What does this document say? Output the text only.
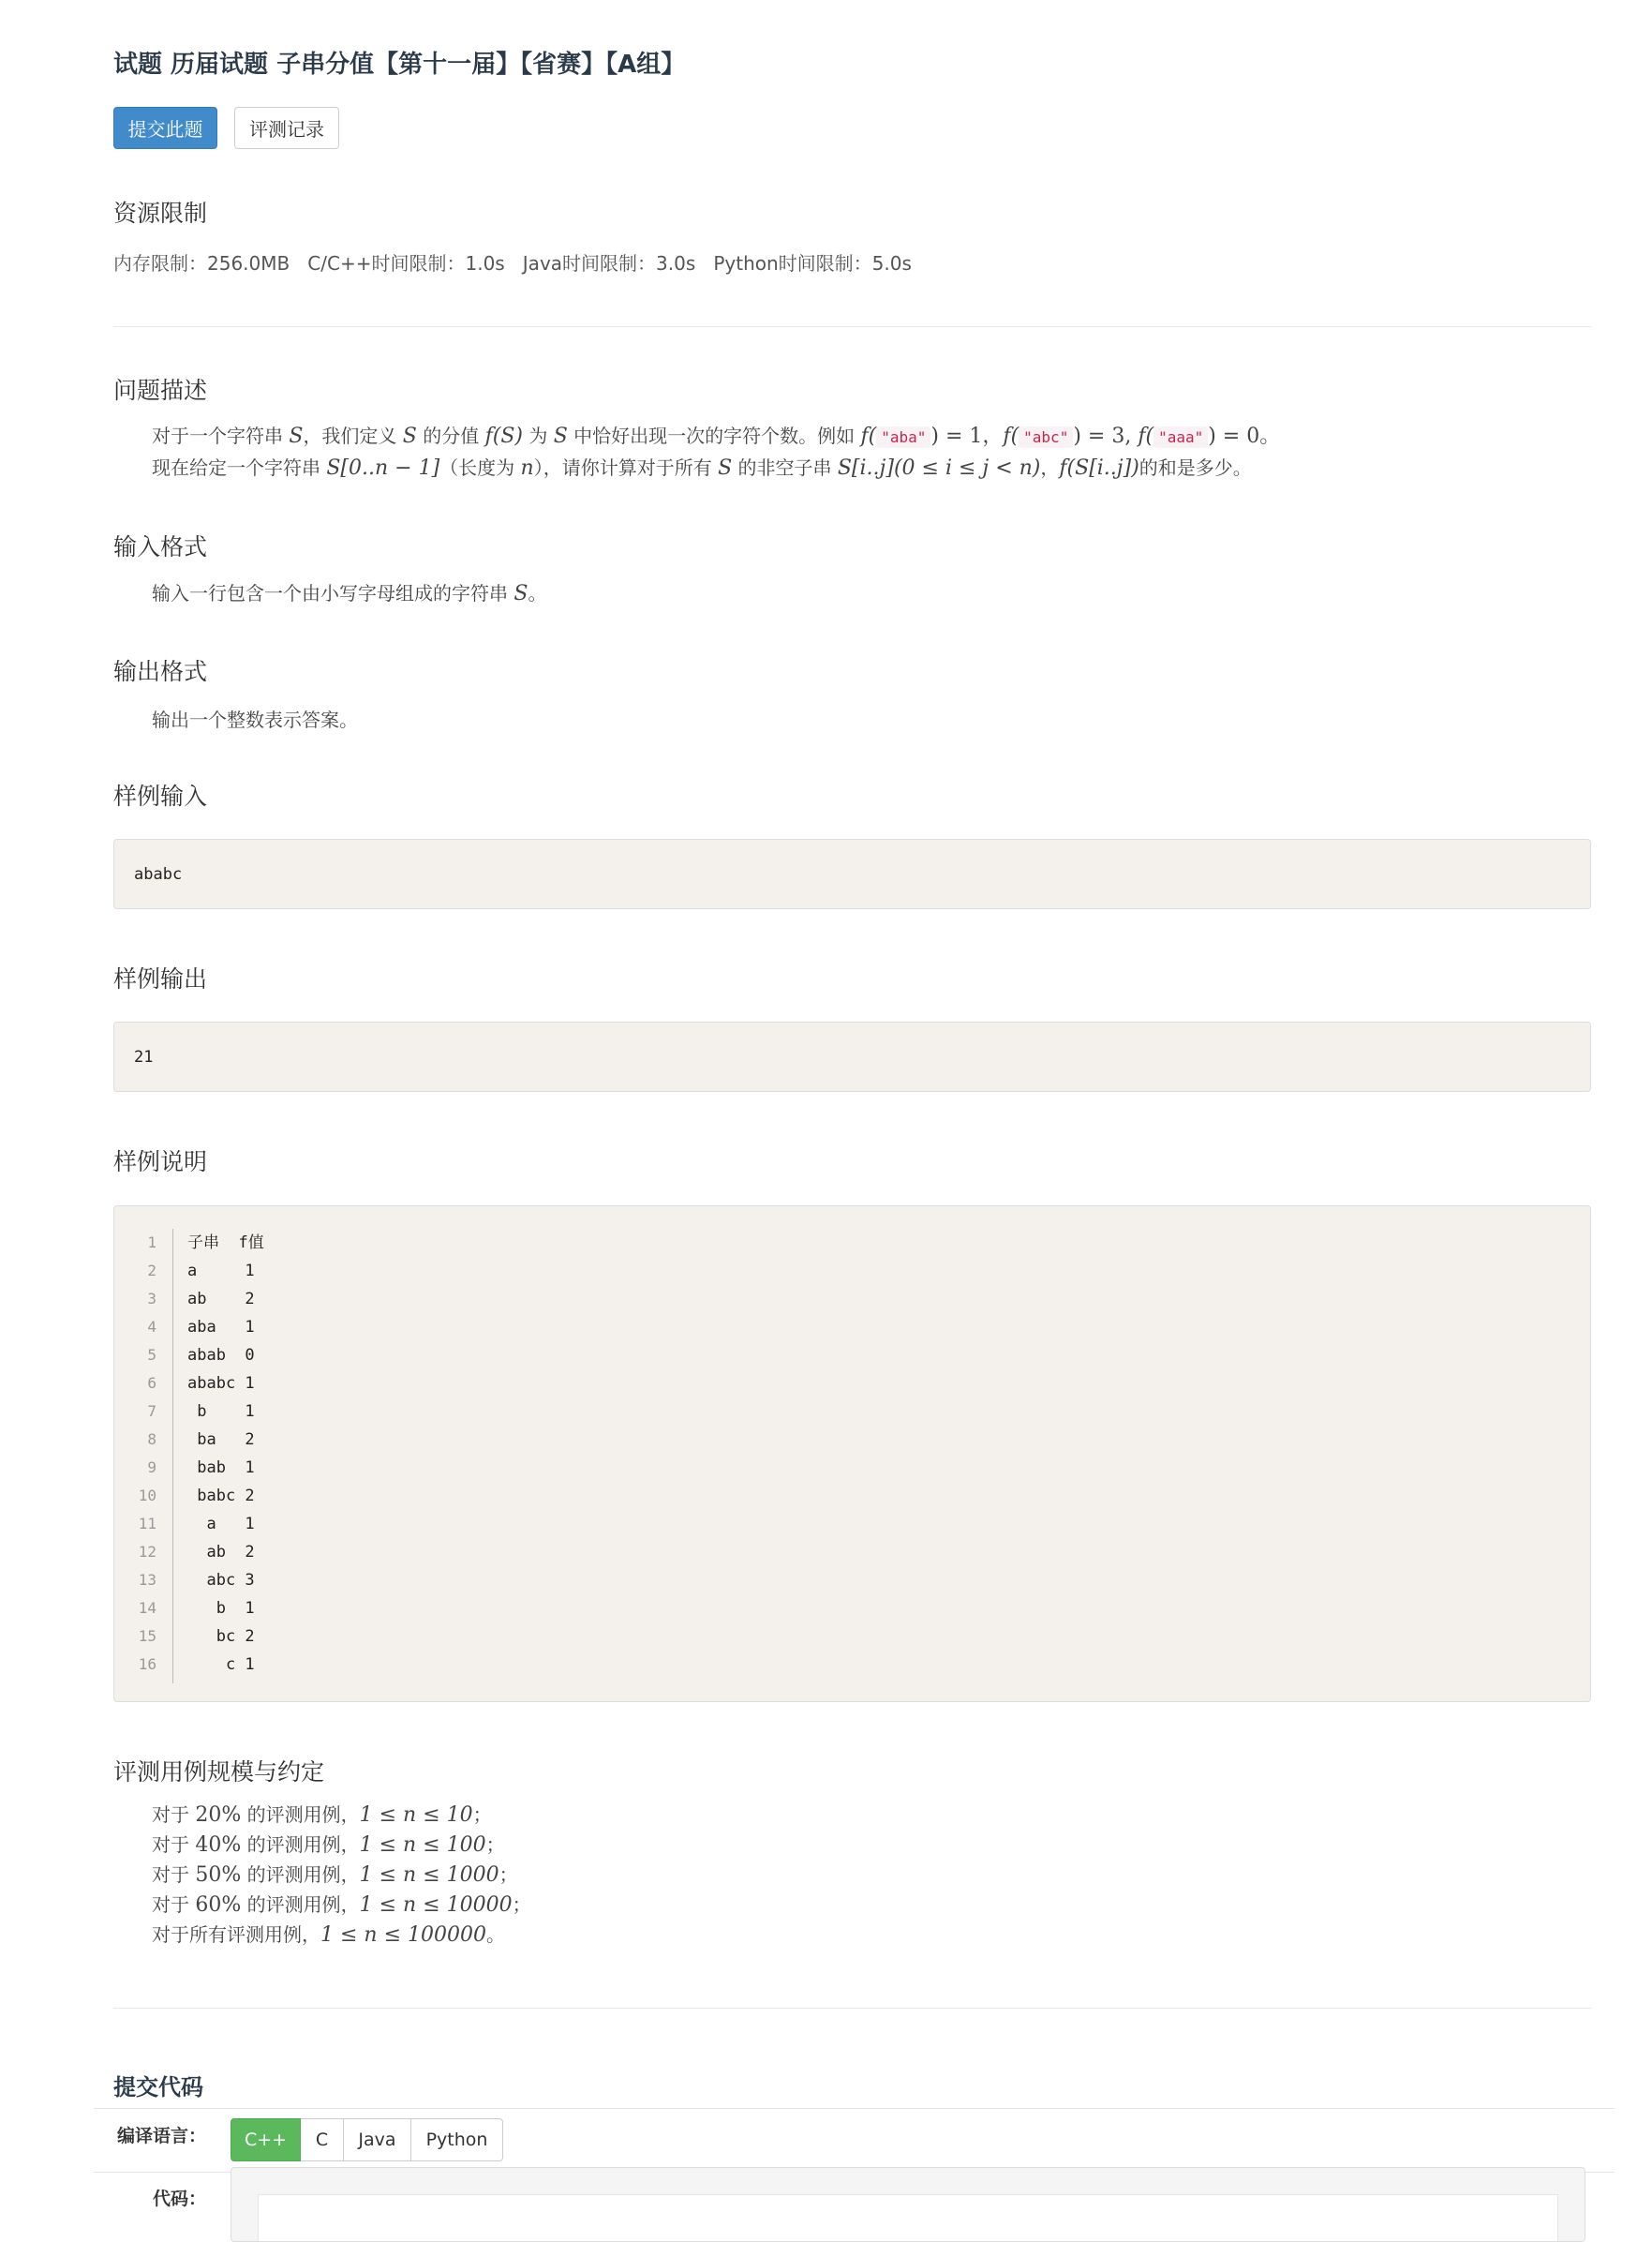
试题 历届试题 子串分值【第十一届】【省赛】【A组】
提交此题	评测记录
资源限制
内存限制：256.0MB   C/C++时间限制：1.0s   Java时间限制：3.0s   Python时间限制：5.0s
问题描述
对于一个字符串 S，我们定义 S 的分值 f(S) 为 S 中恰好出现一次的字符个数。例如 f( "aba" ) = 1，f( "abc" ) = 3, f( "aaa" ) = 0。
现在给定一个字符串 S[0..n − 1]（长度为 n），请你计算对于所有 S 的非空子串 S[i..j](0 ≤ i ≤ j < n)，f(S[i..j])的和是多少。
输入格式
输入一行包含一个由小写字母组成的字符串 S。
输出格式
输出一个整数表示答案。
样例输入
ababc
样例输出
21
样例说明
1 子串  f值
2 a     1
3 ab    2
4 aba   1
5 abab  0
6 ababc 1
7 b    1
8 ba   2
9 bab  1
10 babc 2
11 a   1
12 ab  2
13 abc 3
14 b  1
15 bc 2
16 c 1
评测用例规模与约定
对于 20% 的评测用例，1 ≤ n ≤ 10；
对于 40% 的评测用例，1 ≤ n ≤ 100；
对于 50% 的评测用例，1 ≤ n ≤ 1000；
对于 60% 的评测用例，1 ≤ n ≤ 10000；
对于所有评测用例，1 ≤ n ≤ 100000。
提交代码
编译语言：	C++	C	Java	Python
代码：
